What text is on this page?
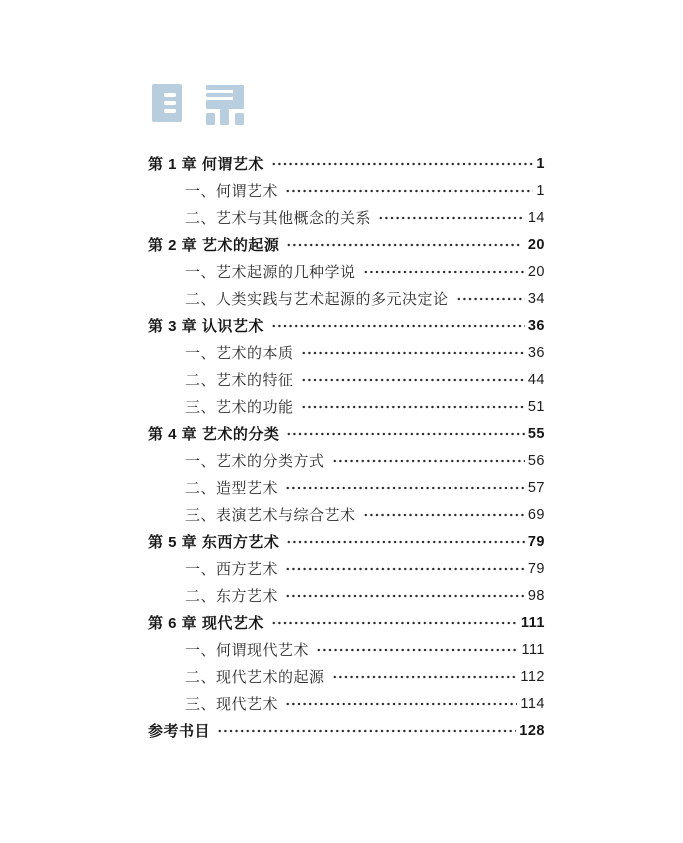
第 1 章 何谓艺术	1
一、何谓艺术	1
二、艺术与其他概念的关系	14
第 2 章 艺术的起源	20
一、艺术起源的几种学说	20
二、人类实践与艺术起源的多元决定论	34
第 3 章 认识艺术	36
一、艺术的本质	36
二、艺术的特征	44
三、艺术的功能	51
第 4 章 艺术的分类	55
一、艺术的分类方式	56
二、造型艺术	57
三、表演艺术与综合艺术	69
第 5 章 东西方艺术	79
一、西方艺术	79
二、东方艺术	98
第 6 章 现代艺术	111
一、何谓现代艺术	111
二、现代艺术的起源	112
三、现代艺术	114
参考书目	128
